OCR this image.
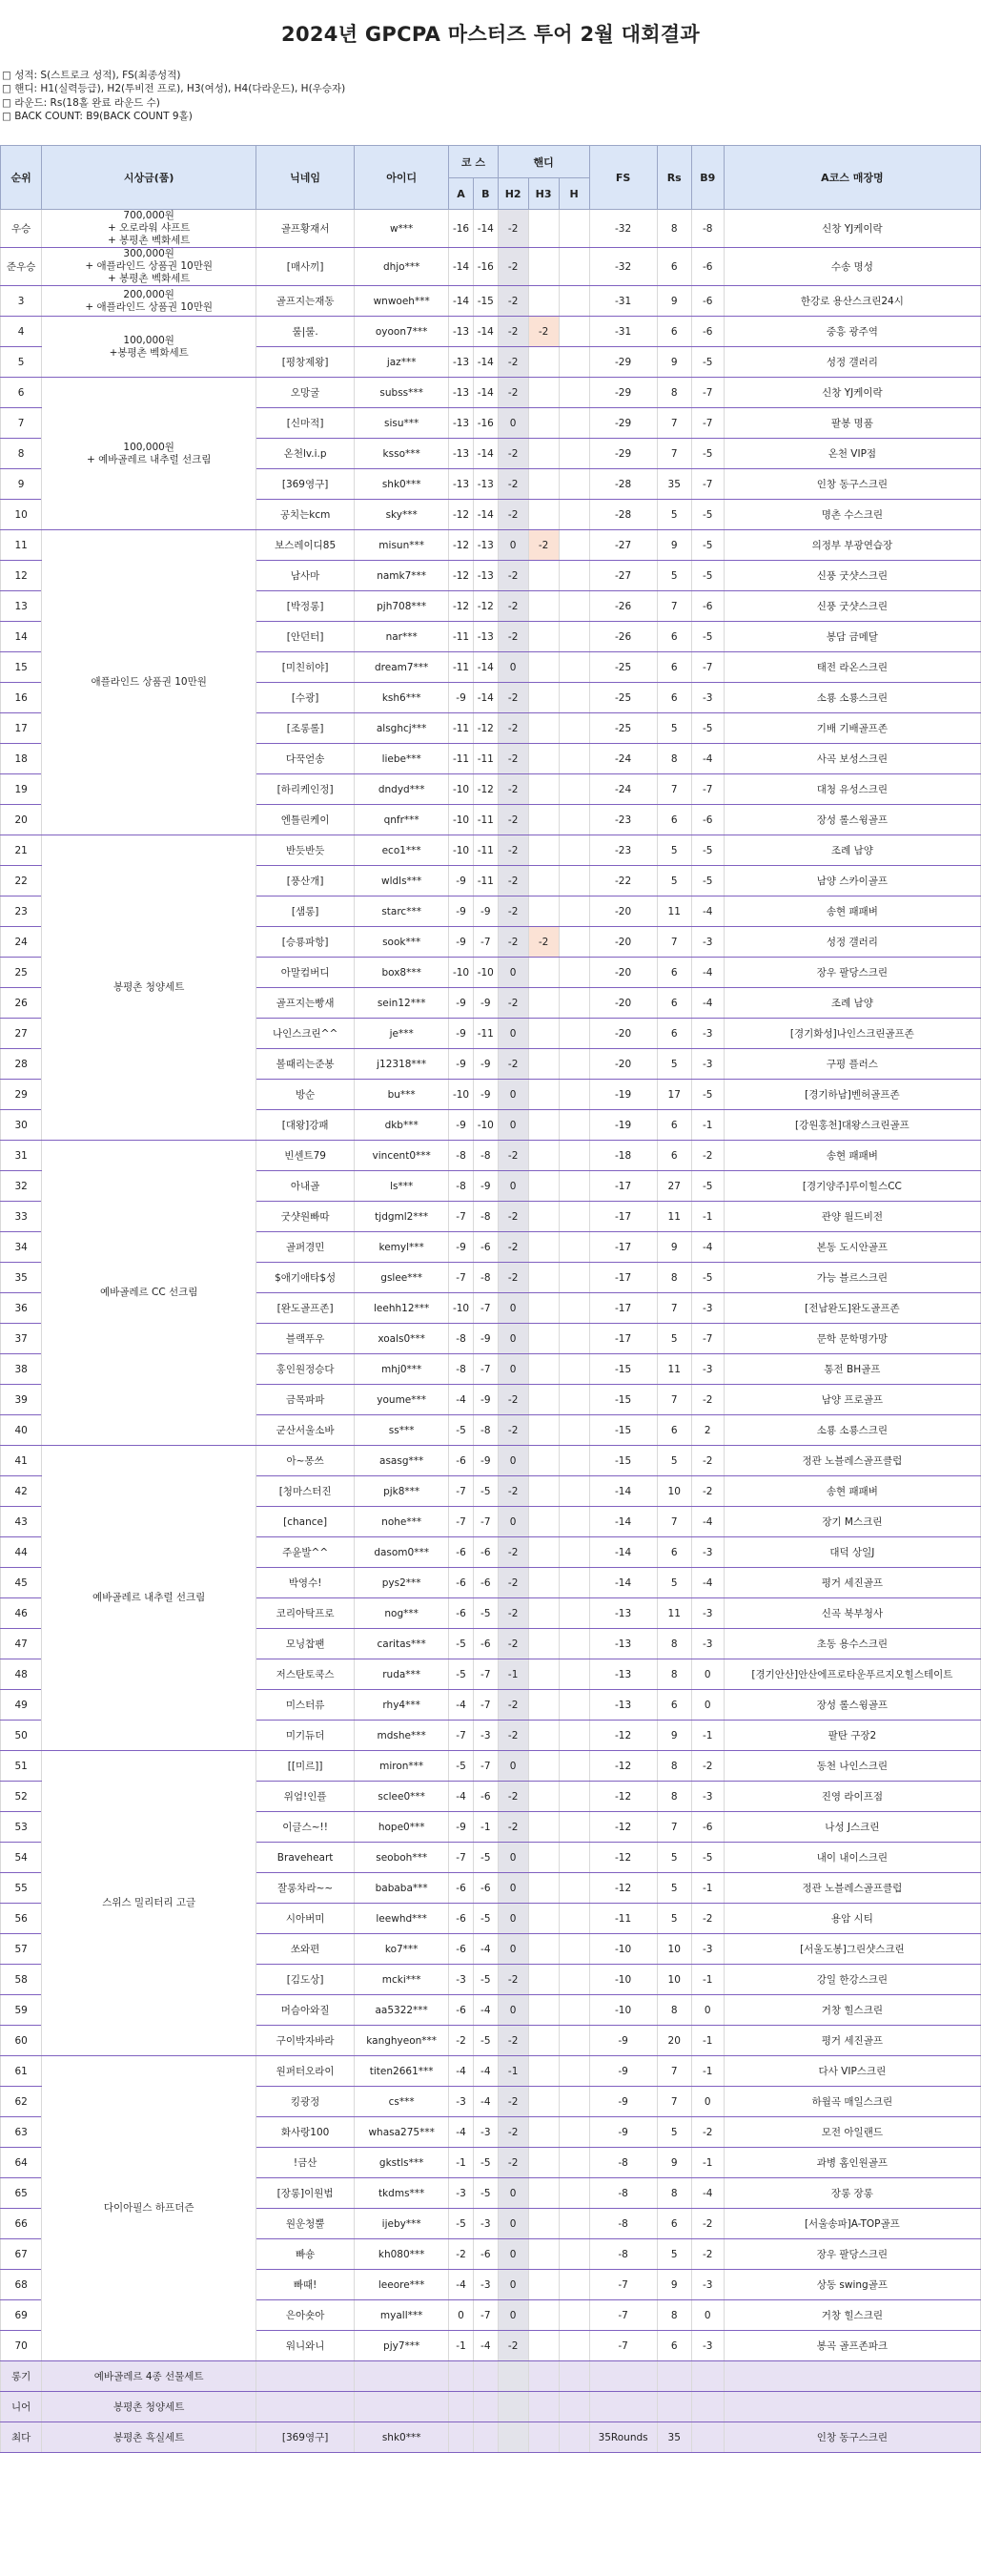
2024년 GPCPA 마스터즈 투어 2월 대회결과
□ 성적: S(스트로크 성적), FS(최종성적)
□ 핸디: H1(실력등급), H2(투비전 프로), H3(여성), H4(다라운드), H(우승자)
□ 라운드: Rs(18홀 완료 라운드 수)
□ BACK COUNT: B9(BACK COUNT 9홀)
순위	시상금(품)	닉네임	아이디	코 스		핸디			FS	Rs	B9	A코스 매장명
				A	B	H2	H3	H				
우승	700,000원
+ 오로라워 샤프트
+ 봉평촌 벡화세트	골프황재서	w***	-16	-14	-2			-32	8	-8	신창 YJ케이락
준우승	300,000원
+ 애플라인드 상품권 10만원
+ 봉평촌 벡화세트	[매사끼]	dhjo***	-14	-16	-2			-32	6	-6	수송 명성
3	200,000원
+ 애플라인드 상품권 10만원	골프지는재동	wnwoeh***	-14	-15	-2			-31	9	-6	한강로 용산스크린24시
4	100,000원
+봉평촌 벡화세트	룰|룰.	oyoon7***	-13	-14	-2	-2		-31	6	-6	중흥 광주역
5		[평창제왕]	jaz***	-13	-14	-2			-29	9	-5	성정 갤러리
6	100,000원
+ 예바골레르 내추럴 선크림	오망굴	subss***	-13	-14	-2			-29	8	-7	신창 YJ케이락
7		[신마적]	sisu***	-13	-16	0			-29	7	-7	팔봉 명품
8		온천lv.i.p	ksso***	-13	-14	-2			-29	7	-5	온천 VIP점
9		[369영구]	shk0***	-13	-13	-2			-28	35	-7	인창 동구스크린
10		공치는kcm	sky***	-12	-14	-2			-28	5	-5	명촌 수스크린
11	애플라인드 상품권 10만원	보스레이디85	misun***	-12	-13	0	-2		-27	9	-5	의정부 부광연습장
12		남사마	namk7***	-12	-13	-2			-27	5	-5	신풍 굿샷스크린
13		[박정롱]	pjh708***	-12	-12	-2			-26	7	-6	신풍 굿샷스크린
14		[안던터]	nar***	-11	-13	-2			-26	6	-5	봉담 금메달
15		[미친히야]	dream7***	-11	-14	0			-25	6	-7	태전 라온스크린
16		[수광]	ksh6***	-9	-14	-2			-25	6	-3	소룡 소룡스크린
17		[조롱롤]	alsghcj***	-11	-12	-2			-25	5	-5	기배 기배골프존
18		다꾹얻송	liebe***	-11	-11	-2			-24	8	-4	사곡 보성스크린
19		[하리케인정]	dndyd***	-10	-12	-2			-24	7	-7	대청 유성스크린
20		엔틀린케이	qnfr***	-10	-11	-2			-23	6	-6	장성 롤스윙골프
21	봉평촌 청양세트	반듯반듯	eco1***	-10	-11	-2			-23	5	-5	조례 남양
22		[풍산개]	wldls***	-9	-11	-2			-22	5	-5	남양 스카이골프
23		[샘롱]	starc***	-9	-9	-2			-20	11	-4	송현 패패벼
24		[승룡파항]	sook***	-9	-7	-2	-2		-20	7	-3	성정 갤러리
25		아말컴버디	box8***	-10	-10	0			-20	6	-4	장우 팔당스크린
26		골프지는빵새	sein12***	-9	-9	-2			-20	6	-4	조례 남양
27		나인스크린^^	je***	-9	-11	0			-20	6	-3	[경기화성]나인스크린골프존
28		볼때리는준봉	j12318***	-9	-9	-2			-20	5	-3	구평 플러스
29		방순	bu***	-10	-9	0			-19	17	-5	[경기하남]벤허골프존
30		[대왕]강패	dkb***	-9	-10	0			-19	6	-1	[강원홍천]대왕스크린골프
31	예바골레르 CC 선크림	빈센트79	vincent0***	-8	-8	-2			-18	6	-2	송현 패패벼
32		아내골	ls***	-8	-9	0			-17	27	-5	[경기양주]루이힐스CC
33		굿샷원빠따	tjdgml2***	-7	-8	-2			-17	11	-1	관양 월드비전
34		골퍼경민	kemyl***	-9	-6	-2			-17	9	-4	본동 도시안골프
35		$애기애타$성	gslee***	-7	-8	-2			-17	8	-5	가능 블르스크린
36		[완도골프존]	leehh12***	-10	-7	0			-17	7	-3	[전남완도]완도골프존
37		블랙푸우	xoals0***	-8	-9	0			-17	5	-7	문학 문학명가망
38		홍인원정승다	mhj0***	-8	-7	0			-15	11	-3	통전 BH골프
39		금목파파	youme***	-4	-9	-2			-15	7	-2	남양 프로골프
40		군산서울소바	ss***	-5	-8	-2			-15	6	2	소룡 소룡스크린
41	예바골레르 내추럴 선크림	아~몽쓰	asasg***	-6	-9	0			-15	5	-2	정관 노블레스골프클럽
42		[청마스터진	pjk8***	-7	-5	-2			-14	10	-2	송현 패패벼
43		[chance]	nohe***	-7	-7	0			-14	7	-4	장기 M스크린
44		주윤발^^	dasom0***	-6	-6	-2			-14	6	-3	대덕 상일J
45		박영수!	pys2***	-6	-6	-2			-14	5	-4	평거 세진골프
46		코리아탁프로	nog***	-6	-5	-2			-13	11	-3	신곡 북부청사
47		모닝찹팬	caritas***	-5	-6	-2			-13	8	-3	초동 용수스크린
48		저스탄토쿡스	ruda***	-5	-7	-1			-13	8	0	[경기안산]안산에프로타운푸르지오힐스테이트
49		미스터류	rhy4***	-4	-7	-2			-13	6	0	장성 롤스윙골프
50		미기듀더	mdshe***	-7	-3	-2			-12	9	-1	팔탄 구장2
51	스위스 밀리터리 고글	[[미르]]	miron***	-5	-7	0			-12	8	-2	동천 나인스크린
52		위엄!인플	sclee0***	-4	-6	-2			-12	8	-3	진영 라이프점
53		이글스~!!	hope0***	-9	-1	-2			-12	7	-6	나성 J스크린
54		Braveheart	seoboh***	-7	-5	0			-12	5	-5	내이 내이스크린
55		잘롱차라~~	bababa***	-6	-6	0			-12	5	-1	정관 노블레스골프클럽
56		시아버미	leewhd***	-6	-5	0			-11	5	-2	용암 시티
57		쏘와편	ko7***	-6	-4	0			-10	10	-3	[서울도봉]그린샷스크린
58		[김도상]	mcki***	-3	-5	-2			-10	10	-1	강일 한강스크린
59		머슴아와질	aa5322***	-6	-4	0			-10	8	0	거창 힐스크린
60		구이박자바라	kanghyeon***	-2	-5	-2			-9	20	-1	평거 세진골프
61	다이아필스 하프더즌	원퍼터오라이	titen2661***	-4	-4	-1			-9	7	-1	다사 VIP스크린
62		킹광정	cs***	-3	-4	-2			-9	7	0	하월곡 매일스크린
63		화사랑100	whasa275***	-4	-3	-2			-9	5	-2	모전 아일랜드
64		!금산	gkstls***	-1	-5	-2			-8	9	-1	과병 홈인원골프
65		[장롱]이원범	tkdms***	-3	-5	0			-8	8	-4	장롱 장롱
66		원운청뿔	ijeby***	-5	-3	0			-8	6	-2	[서울송파]A-TOP골프
67		빠숑	kh080***	-2	-6	0			-8	5	-2	장우 팔당스크린
68		빠때!	leeore***	-4	-3	0			-7	9	-3	상동 swing골프
69		은아숏아	myall***	0	-7	0			-7	8	0	거창 힐스크린
70		워니와니	pjy7***	-1	-4	-2			-7	6	-3	봉곡 골프존파크
롱기	예바골레르 4종 선물세트											
니어	봉평촌 청양세트											
최다	봉평촌 흑실세트	[369영구]	shk0***						35Rounds	35		인창 동구스크린
